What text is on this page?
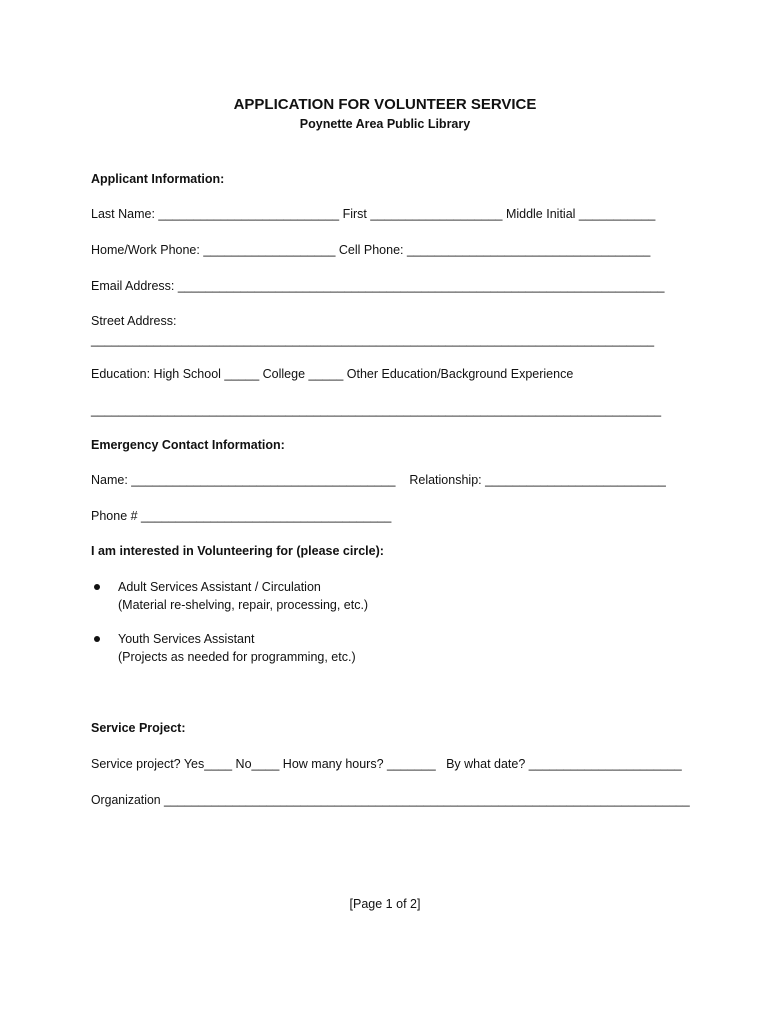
APPLICATION FOR VOLUNTEER SERVICE
Poynette Area Public Library
Applicant Information:
Last Name: __________________________ First ___________________ Middle Initial ___________
Home/Work Phone: ___________________ Cell Phone: ___________________________________
Email Address: ______________________________________________________________________
Street Address:
_________________________________________________________________________________
Education: High School _____ College _____ Other Education/Background Experience
__________________________________________________________________________________
Emergency Contact Information:
Name: ______________________________________    Relationship: __________________________
Phone # ____________________________________
I am interested in Volunteering for (please circle):
Adult Services Assistant / Circulation
(Material re-shelving, repair, processing, etc.)
Youth Services Assistant
(Projects as needed for programming, etc.)
Service Project:
Service project? Yes____ No____ How many hours? _______   By what date? ______________________
Organization _____________________________________________________________________________
[Page 1 of 2]
